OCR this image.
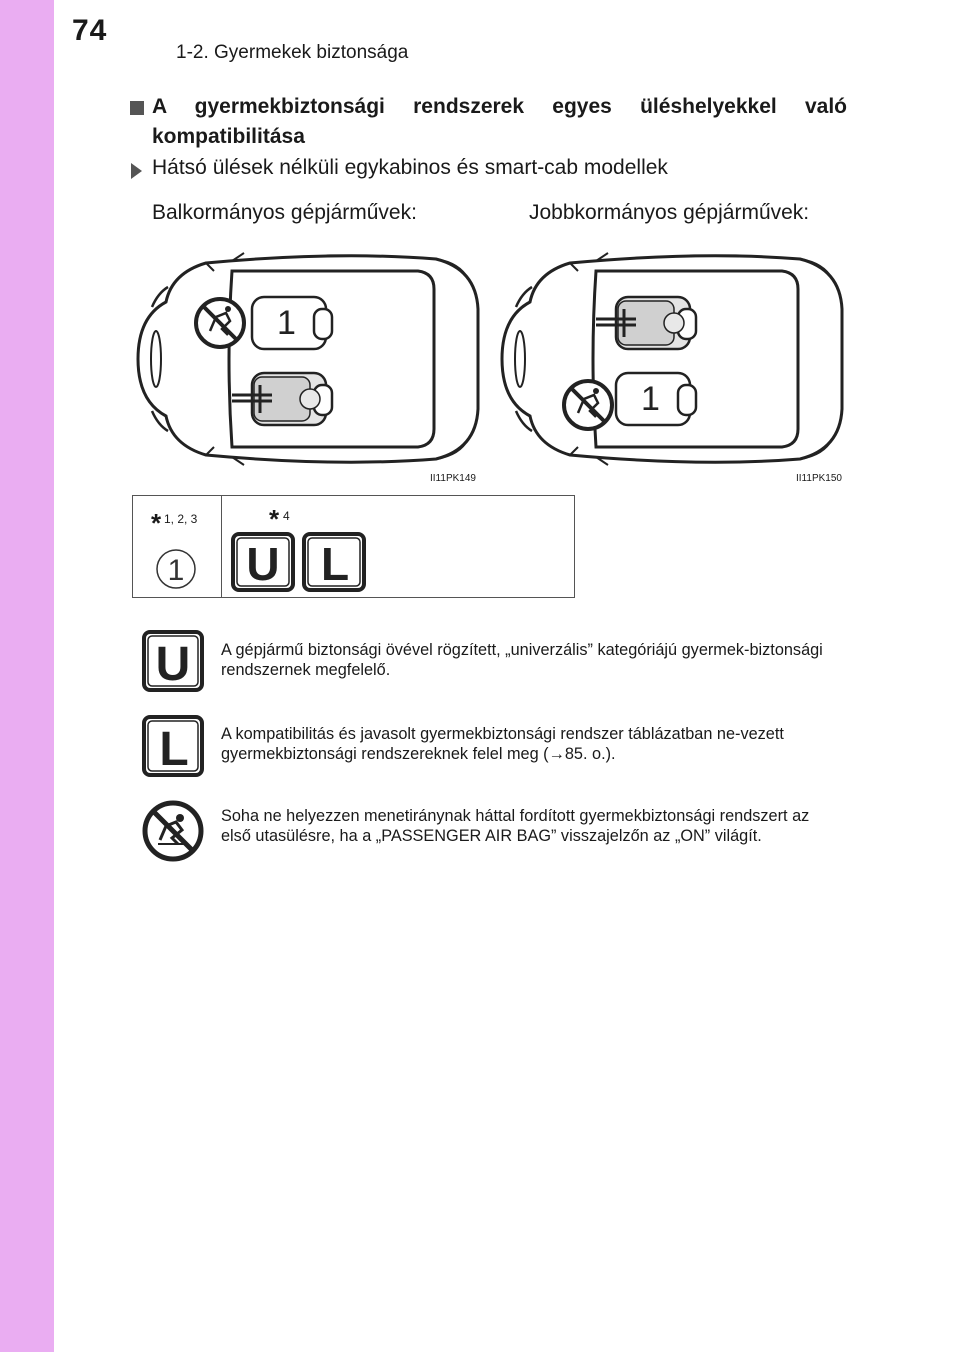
74
1-2. Gyermekek biztonsága
A gyermekbiztonsági rendszerek egyes üléshelyekkel való kompatibilitása
Hátsó ülések nélküli egykabinos és smart-cab modellek
Balkormányos gépjárművek:	Jobbkormányos gépjárművek:
1
II11PK149
1
II11PK150
* 1, 2, 3
1
* 4
U L
U A gépjármű biztonsági övével rögzített, „univerzális” kategóriájú gyermek-biztonsági rendszernek megfelelő.
L A kompatibilitás és javasolt gyermekbiztonsági rendszer táblázatban ne-vezett gyermekbiztonsági rendszereknek felel meg (→85. o.).
Soha ne helyezzen menetiránynak háttal fordított gyermekbiztonsági rendszert az első utasülésre, ha a „PASSENGER AIR BAG” visszajelzőn az „ON” világít.
